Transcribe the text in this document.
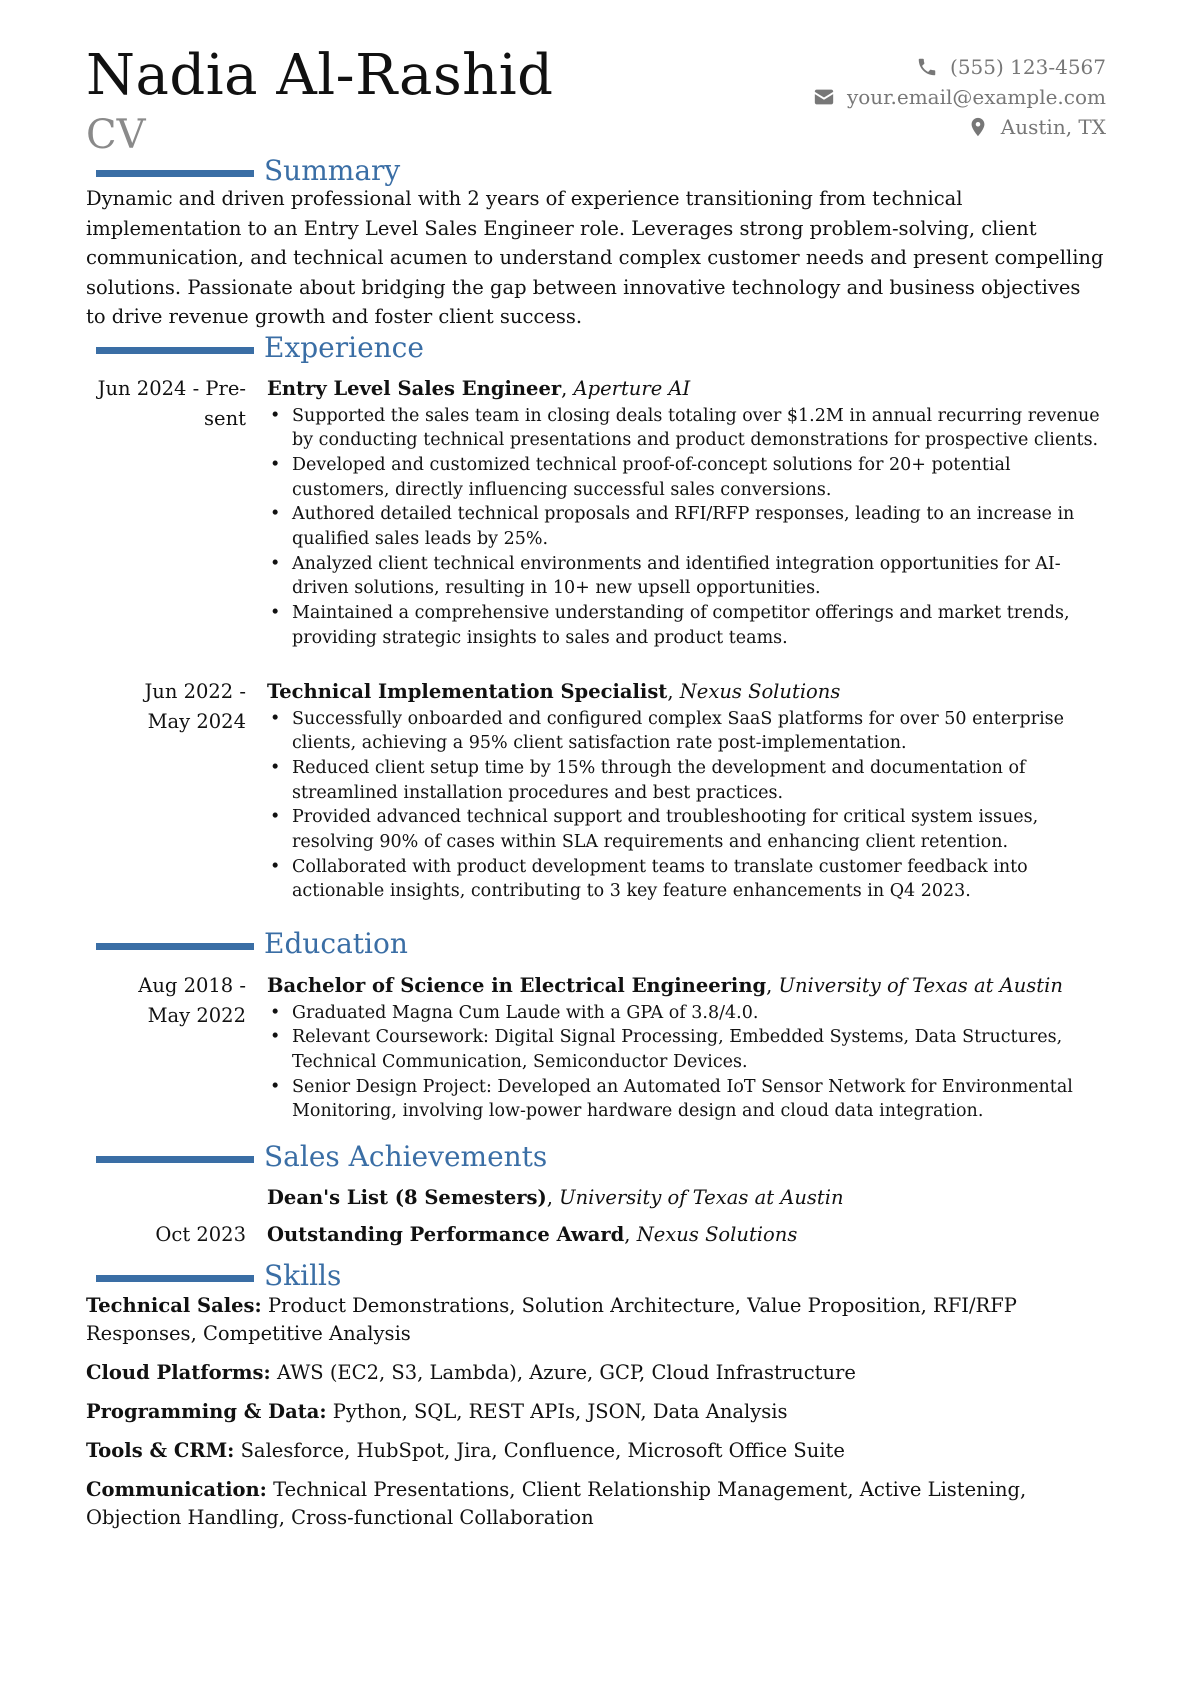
Nadia Al-Rashid
CV
(555) 123-4567
your.email@example.com
Austin, TX
Summary
Dynamic and driven professional with 2 years of experience transitioning from technical implementation to an Entry Level Sales Engineer role. Leverages strong problem-solving, client communication, and technical acumen to understand complex customer needs and present compelling solutions. Passionate about bridging the gap between innovative technology and business objectives to drive revenue growth and foster client success.
Experience
Jun 2024 - Pre-
sent
Entry Level Sales Engineer, Aperture AI
• Supported the sales team in closing deals totaling over $1.2M in annual recurring revenue by conducting technical presentations and product demonstrations for prospective clients.
• Developed and customized technical proof-of-concept solutions for 20+ potential customers, directly influencing successful sales conversions.
• Authored detailed technical proposals and RFI/RFP responses, leading to an increase in qualified sales leads by 25%.
• Analyzed client technical environments and identified integration opportunities for AI-driven solutions, resulting in 10+ new upsell opportunities.
• Maintained a comprehensive understanding of competitor offerings and market trends, providing strategic insights to sales and product teams.
Jun 2022 -
May 2024
Technical Implementation Specialist, Nexus Solutions
• Successfully onboarded and configured complex SaaS platforms for over 50 enterprise clients, achieving a 95% client satisfaction rate post-implementation.
• Reduced client setup time by 15% through the development and documentation of streamlined installation procedures and best practices.
• Provided advanced technical support and troubleshooting for critical system issues, resolving 90% of cases within SLA requirements and enhancing client retention.
• Collaborated with product development teams to translate customer feedback into actionable insights, contributing to 3 key feature enhancements in Q4 2023.
Education
Aug 2018 -
May 2022
Bachelor of Science in Electrical Engineering, University of Texas at Austin
• Graduated Magna Cum Laude with a GPA of 3.8/4.0.
• Relevant Coursework: Digital Signal Processing, Embedded Systems, Data Structures, Technical Communication, Semiconductor Devices.
• Senior Design Project: Developed an Automated IoT Sensor Network for Environmental Monitoring, involving low-power hardware design and cloud data integration.
Sales Achievements
Dean's List (8 Semesters), University of Texas at Austin
Oct 2023 Outstanding Performance Award, Nexus Solutions
Skills
Technical Sales: Product Demonstrations, Solution Architecture, Value Proposition, RFI/RFP Responses, Competitive Analysis
Cloud Platforms: AWS (EC2, S3, Lambda), Azure, GCP, Cloud Infrastructure
Programming & Data: Python, SQL, REST APIs, JSON, Data Analysis
Tools & CRM: Salesforce, HubSpot, Jira, Confluence, Microsoft Office Suite
Communication: Technical Presentations, Client Relationship Management, Active Listening, Objection Handling, Cross-functional Collaboration
